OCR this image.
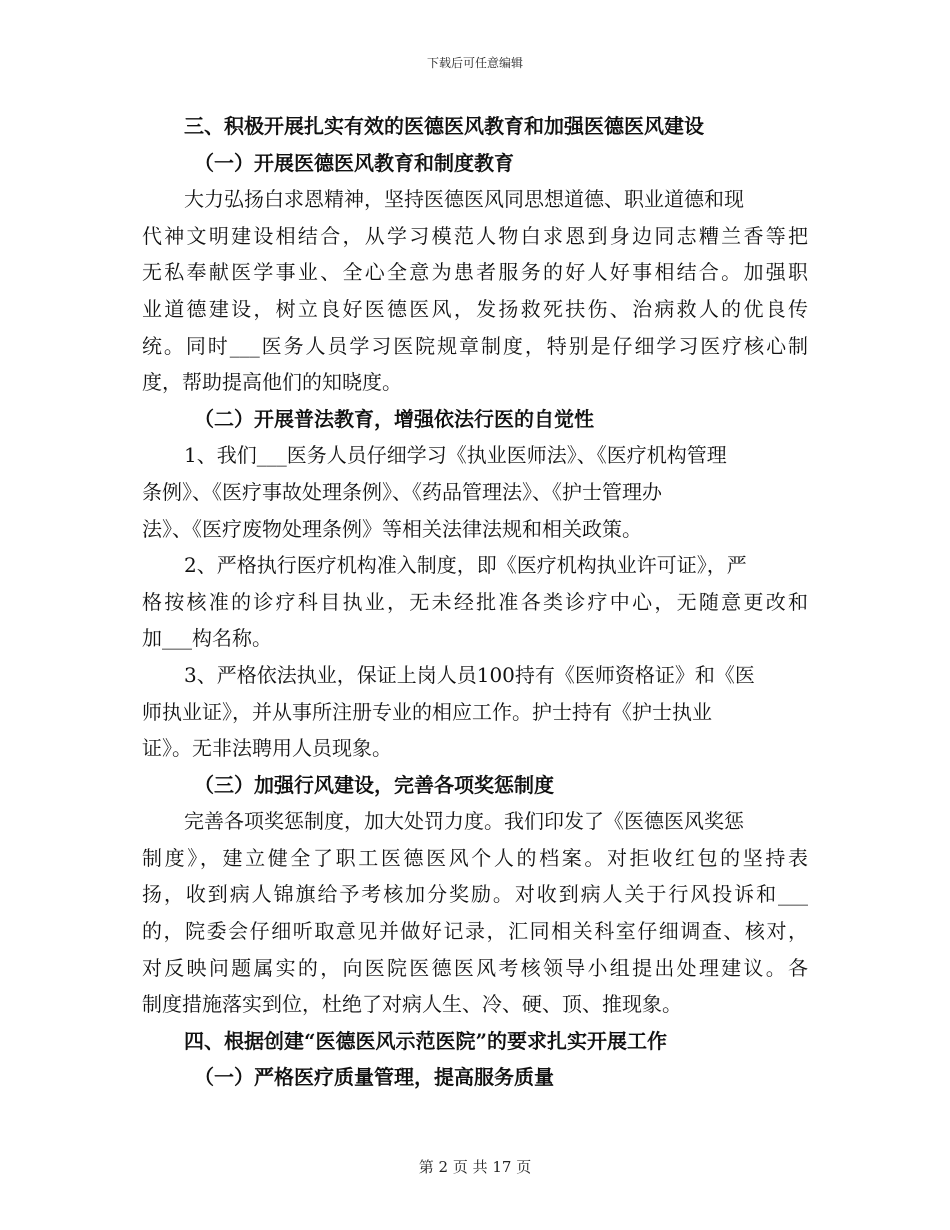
下载后可任意编辑
三、积极开展扎实有效的医德医风教育和加强医德医风建设
（一）开展医德医风教育和制度教育
大力弘扬白求恩精神，坚持医德医风同思想道德、职业道德和现
代神文明建设相结合，从学习模范人物白求恩到身边同志糟兰香等把
无私奉献医学事业、全心全意为患者服务的好人好事相结合。加强职
业道德建设，树立良好医德医风，发扬救死扶伤、治病救人的优良传
统。同时___医务人员学习医院规章制度，特别是仔细学习医疗核心制
度，帮助提高他们的知晓度。
（二）开展普法教育，增强依法行医的自觉性
1、我们___医务人员仔细学习《执业医师法》、《医疗机构管理
条例》、《医疗事故处理条例》、《药品管理法》、《护士管理办
法》、《医疗废物处理条例》等相关法律法规和相关政策。
2、严格执行医疗机构准入制度，即《医疗机构执业许可证》，严
格按核准的诊疗科目执业，无未经批准各类诊疗中心，无随意更改和
加___构名称。
3、严格依法执业，保证上岗人员100持有《医师资格证》和《医
师执业证》，并从事所注册专业的相应工作。护士持有《护士执业
证》。无非法聘用人员现象。
（三）加强行风建设，完善各项奖惩制度
完善各项奖惩制度，加大处罚力度。我们印发了《医德医风奖惩
制度》，建立健全了职工医德医风个人的档案。对拒收红包的坚持表
扬，收到病人锦旗给予考核加分奖励。对收到病人关于行风投诉和___
的，院委会仔细听取意见并做好记录，汇同相关科室仔细调查、核对，
对反映问题属实的，向医院医德医风考核领导小组提出处理建议。各
制度措施落实到位，杜绝了对病人生、冷、硬、顶、推现象。
四、根据创建“医德医风示范医院”的要求扎实开展工作
（一）严格医疗质量管理，提高服务质量
第 2 页 共 17 页
